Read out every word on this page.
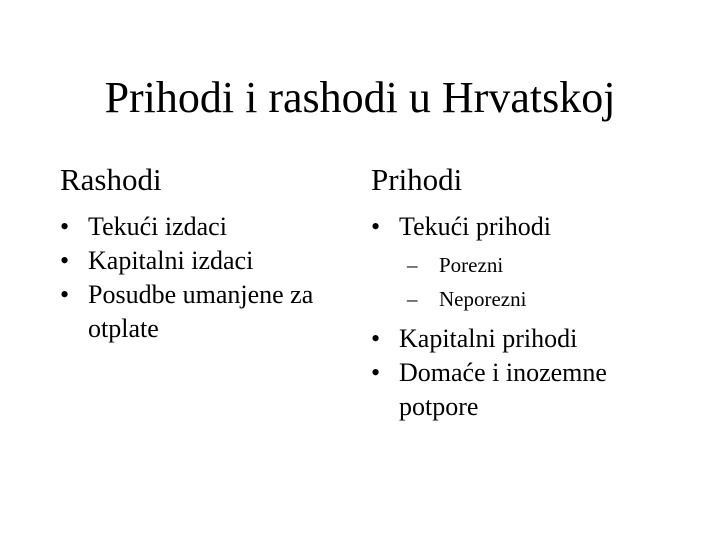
Prihodi i rashodi u Hrvatskoj
Rashodi
• Tekući izdaci
• Kapitalni izdaci
• Posudbe umanjene za otplate
Prihodi
• Tekući prihodi
– Porezni
– Neporezni
• Kapitalni prihodi
• Domaće i inozemne potpore
